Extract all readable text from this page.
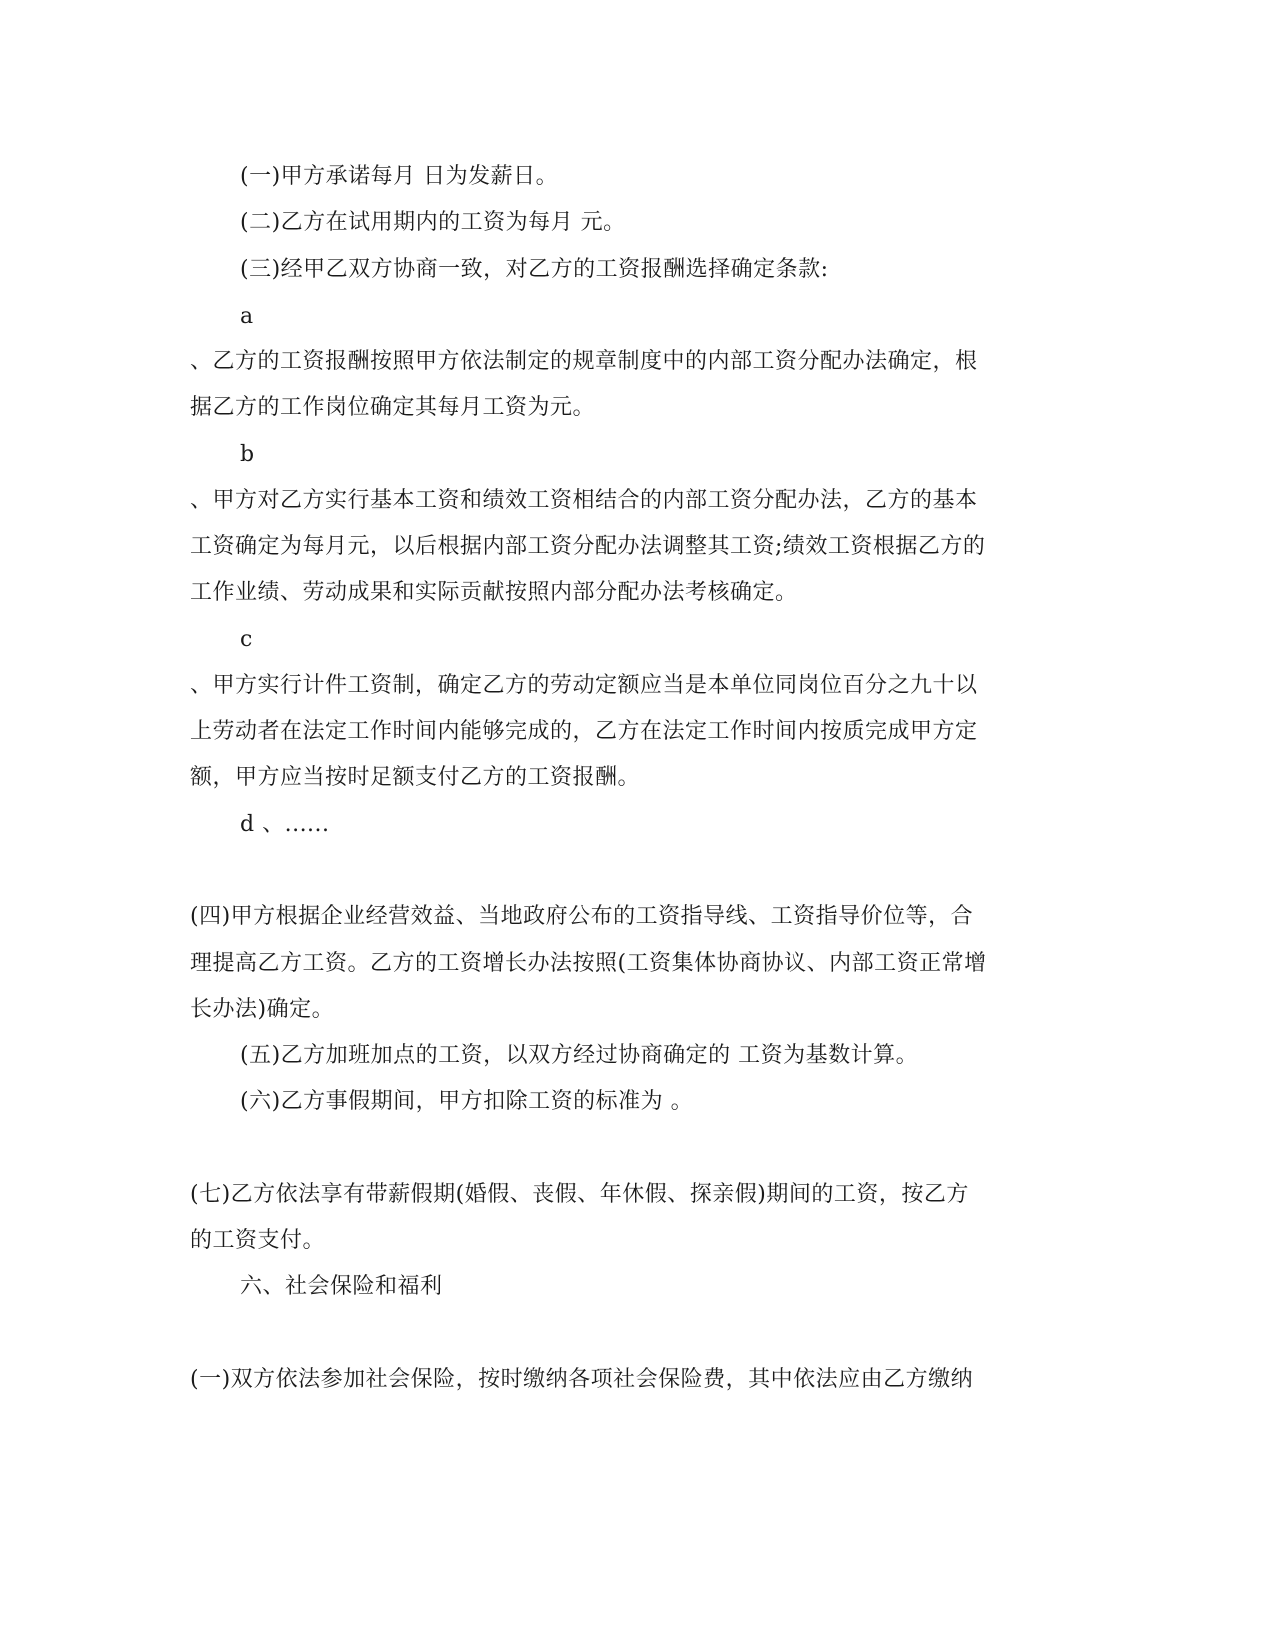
(一)甲方承诺每月 日为发薪日。
(二)乙方在试用期内的工资为每月 元。
(三)经甲乙双方协商一致，对乙方的工资报酬选择确定条款:
a
、乙方的工资报酬按照甲方依法制定的规章制度中的内部工资分配办法确定，根
据乙方的工作岗位确定其每月工资为元。
b
、甲方对乙方实行基本工资和绩效工资相结合的内部工资分配办法，乙方的基本
工资确定为每月元，以后根据内部工资分配办法调整其工资;绩效工资根据乙方的
工作业绩、劳动成果和实际贡献按照内部分配办法考核确定。
c
、甲方实行计件工资制，确定乙方的劳动定额应当是本单位同岗位百分之九十以
上劳动者在法定工作时间内能够完成的，乙方在法定工作时间内按质完成甲方定
额，甲方应当按时足额支付乙方的工资报酬。
d 、......
(四)甲方根据企业经营效益、当地政府公布的工资指导线、工资指导价位等，合
理提高乙方工资。乙方的工资增长办法按照(工资集体协商协议、内部工资正常增
长办法)确定。
(五)乙方加班加点的工资，以双方经过协商确定的 工资为基数计算。
(六)乙方事假期间，甲方扣除工资的标准为 。
(七)乙方依法享有带薪假期(婚假、丧假、年休假、探亲假)期间的工资，按乙方
的工资支付。
六、社会保险和福利
(一)双方依法参加社会保险，按时缴纳各项社会保险费，其中依法应由乙方缴纳
